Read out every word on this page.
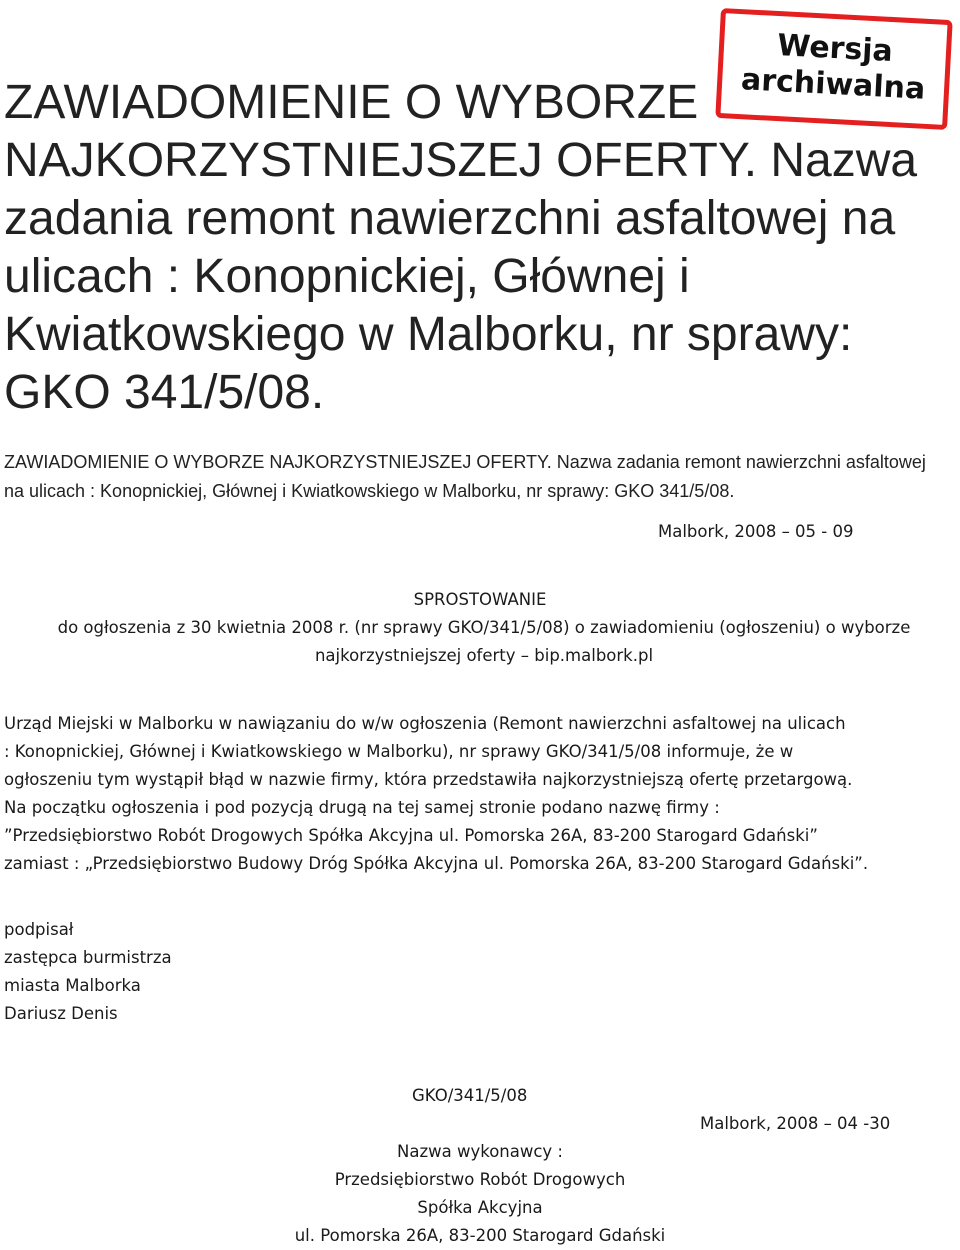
Wersja
archiwalna
ZAWIADOMIENIE O WYBORZE NAJKORZYSTNIEJSZEJ OFERTY. Nazwa zadania remont nawierzchni asfaltowej na ulicach : Konopnickiej, Głównej i Kwiatkowskiego w Malborku, nr sprawy: GKO 341/5/08.

ZAWIADOMIENIE O WYBORZE NAJKORZYSTNIEJSZEJ OFERTY. Nazwa zadania remont nawierzchni asfaltowej na ulicach : Konopnickiej, Głównej i Kwiatkowskiego w Malborku, nr sprawy: GKO 341/5/08.

Malbork, 2008 – 05 - 09
SPROSTOWANIE
do ogłoszenia z 30 kwietnia 2008 r. (nr sprawy GKO/341/5/08) o zawiadomieniu (ogłoszeniu) o wyborze najkorzystniejszej oferty – bip.malbork.pl
Urząd Miejski w Malborku w nawiązaniu do w/w ogłoszenia (Remont nawierzchni asfaltowej na ulicach
: Konopnickiej, Głównej i Kwiatkowskiego w Malborku), nr sprawy GKO/341/5/08 informuje, że w
ogłoszeniu tym wystąpił błąd w nazwie firmy, która przedstawiła najkorzystniejszą ofertę przetargową.
Na początku ogłoszenia i pod pozycją drugą na tej samej stronie podano nazwę firmy :
”Przedsiębiorstwo Robót Drogowych Spółka Akcyjna ul. Pomorska 26A, 83-200 Starogard Gdański”
zamiast : „Przedsiębiorstwo Budowy Dróg Spółka Akcyjna ul. Pomorska 26A, 83-200 Starogard Gdański”.
podpisał
zastępca burmistrza
miasta Malborka
Dariusz Denis
GKO/341/5/08
Malbork, 2008 – 04 -30
Nazwa wykonawcy :
Przedsiębiorstwo Robót Drogowych
Spółka Akcyjna
ul. Pomorska 26A, 83-200 Starogard Gdański
